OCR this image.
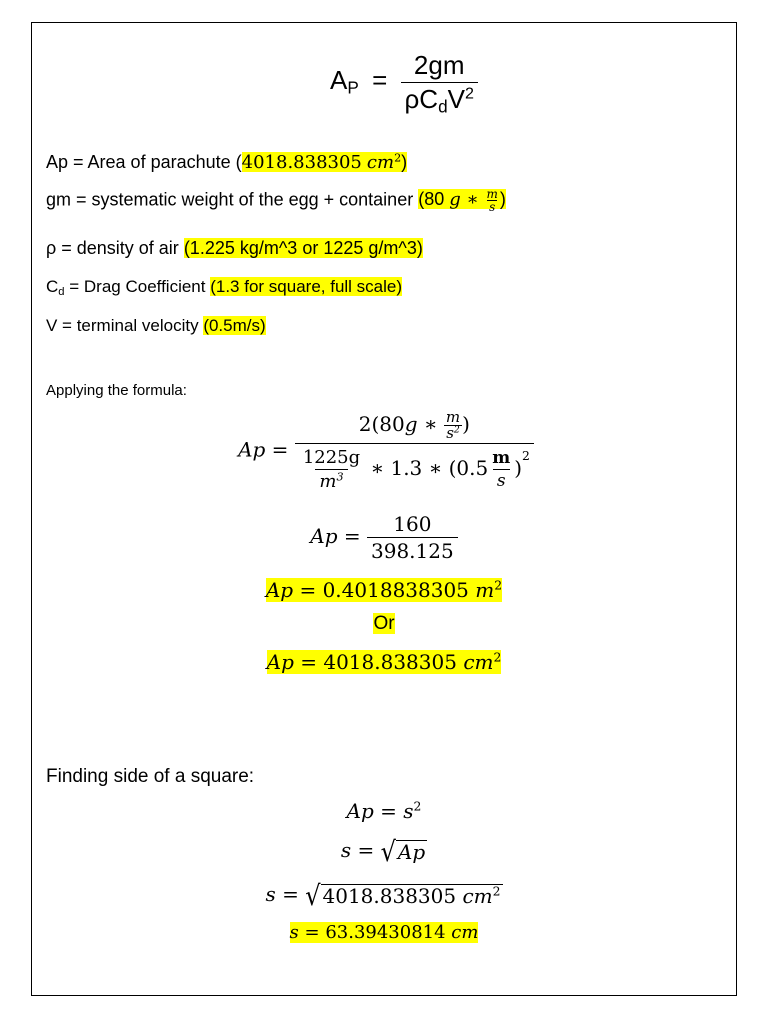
$A_P = \frac{2gm}{\rho C_dV^2}$
Ap = Area of parachute (4018.838305 $cm^2$)
gm = systematic weight of the egg + container (80 g ∗ $\frac{m}{s}$ )
ρ = density of air (1.225 kg/m^3 or 1225 g/m^3)
$C_d$ = Drag Coefficient (1.3 for square, full scale)
V = terminal velocity (0.5m/s)
Applying the formula:
$Ap = \frac{2(80g ∗ \frac{m}{s^2} )}{\frac{1225g}{m^3} ∗ 1.3 ∗ (0.5 \frac{m}{s} )^2}$
$Ap = \frac{160}{398.125}$
Ap = 0.4018838305 $m^2$
Or
Ap = 4018.838305 $cm^2$
Finding side of a square:
$Ap = s^2$
s = √ Ap
s = √ 4018.838305 $cm^2$
s = 63.39430814 cm
